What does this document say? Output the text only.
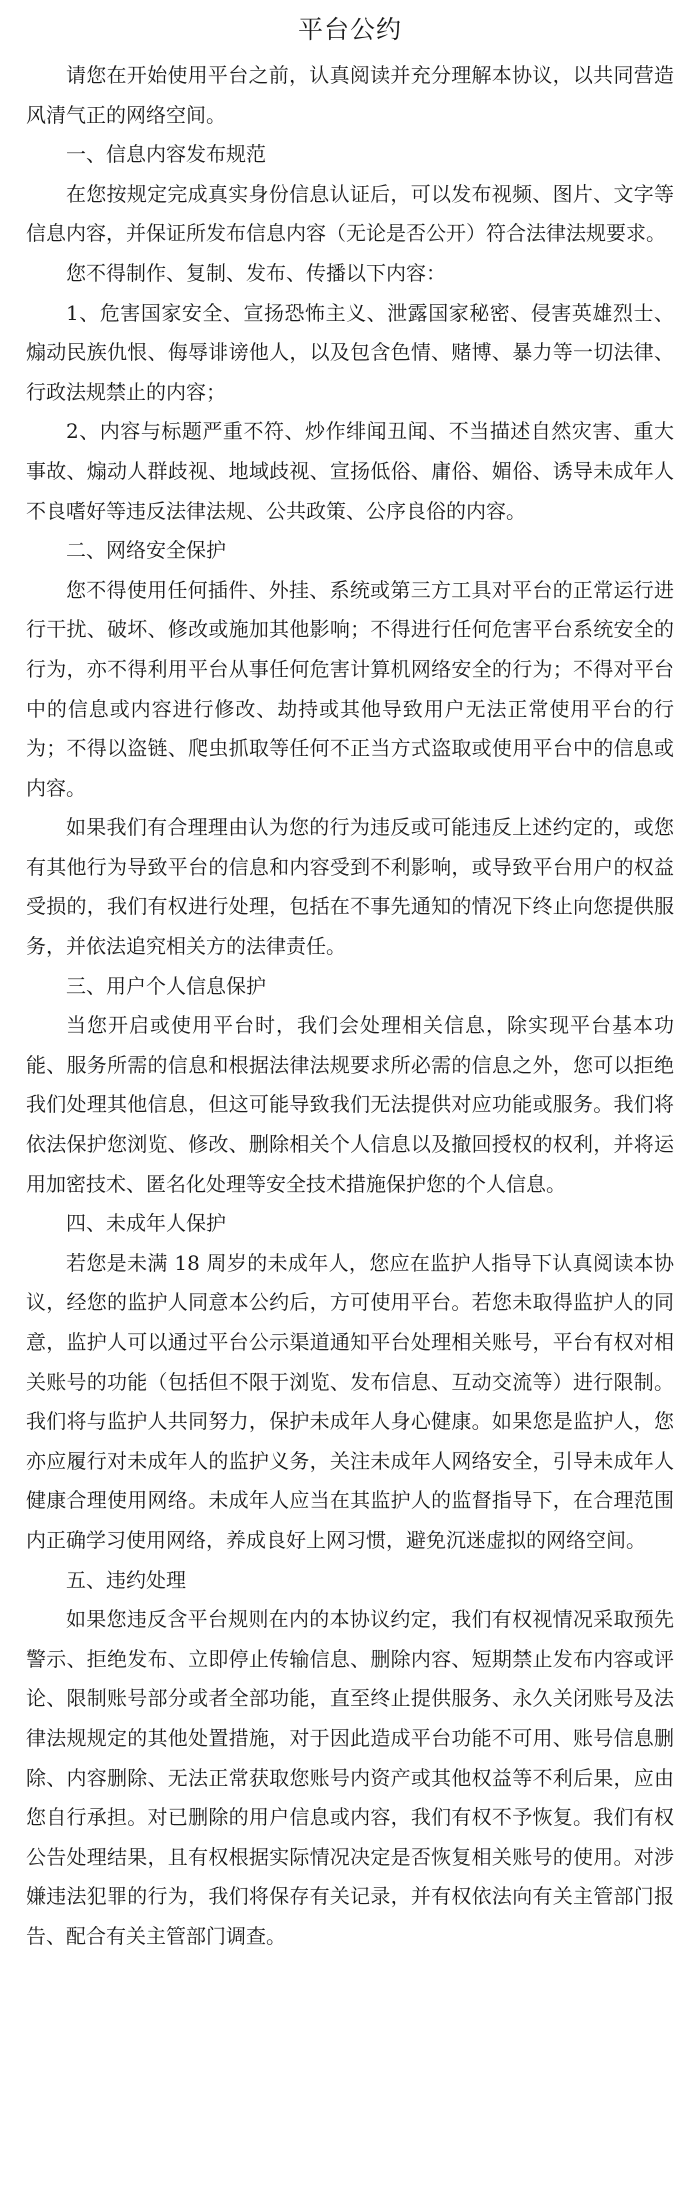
平台公约

请您在开始使用平台之前，认真阅读并充分理解本协议，以共同营造风清气正的网络空间。

一、信息内容发布规范

在您按规定完成真实身份信息认证后，可以发布视频、图片、文字等信息内容，并保证所发布信息内容（无论是否公开）符合法律法规要求。

您不得制作、复制、发布、传播以下内容：

1、危害国家安全、宣扬恐怖主义、泄露国家秘密、侵害英雄烈士、煽动民族仇恨、侮辱诽谤他人，以及包含色情、赌博、暴力等一切法律、行政法规禁止的内容；

2、内容与标题严重不符、炒作绯闻丑闻、不当描述自然灾害、重大事故、煽动人群歧视、地域歧视、宣扬低俗、庸俗、媚俗、诱导未成年人不良嗜好等违反法律法规、公共政策、公序良俗的内容。

二、网络安全保护

您不得使用任何插件、外挂、系统或第三方工具对平台的正常运行进行干扰、破坏、修改或施加其他影响；不得进行任何危害平台系统安全的行为，亦不得利用平台从事任何危害计算机网络安全的行为；不得对平台中的信息或内容进行修改、劫持或其他导致用户无法正常使用平台的行为；不得以盗链、爬虫抓取等任何不正当方式盗取或使用平台中的信息或内容。

如果我们有合理理由认为您的行为违反或可能违反上述约定的，或您有其他行为导致平台的信息和内容受到不利影响，或导致平台用户的权益受损的，我们有权进行处理，包括在不事先通知的情况下终止向您提供服务，并依法追究相关方的法律责任。

三、用户个人信息保护

当您开启或使用平台时，我们会处理相关信息，除实现平台基本功能、服务所需的信息和根据法律法规要求所必需的信息之外，您可以拒绝我们处理其他信息，但这可能导致我们无法提供对应功能或服务。我们将依法保护您浏览、修改、删除相关个人信息以及撤回授权的权利，并将运用加密技术、匿名化处理等安全技术措施保护您的个人信息。

四、未成年人保护

若您是未满 18 周岁的未成年人，您应在监护人指导下认真阅读本协议，经您的监护人同意本公约后，方可使用平台。若您未取得监护人的同意，监护人可以通过平台公示渠道通知平台处理相关账号，平台有权对相关账号的功能（包括但不限于浏览、发布信息、互动交流等）进行限制。我们将与监护人共同努力，保护未成年人身心健康。如果您是监护人，您亦应履行对未成年人的监护义务，关注未成年人网络安全，引导未成年人健康合理使用网络。未成年人应当在其监护人的监督指导下，在合理范围内正确学习使用网络，养成良好上网习惯，避免沉迷虚拟的网络空间。

五、违约处理

如果您违反含平台规则在内的本协议约定，我们有权视情况采取预先警示、拒绝发布、立即停止传输信息、删除内容、短期禁止发布内容或评论、限制账号部分或者全部功能，直至终止提供服务、永久关闭账号及法律法规规定的其他处置措施，对于因此造成平台功能不可用、账号信息删除、内容删除、无法正常获取您账号内资产或其他权益等不利后果，应由您自行承担。对已删除的用户信息或内容，我们有权不予恢复。我们有权公告处理结果，且有权根据实际情况决定是否恢复相关账号的使用。对涉嫌违法犯罪的行为，我们将保存有关记录，并有权依法向有关主管部门报告、配合有关主管部门调查。
